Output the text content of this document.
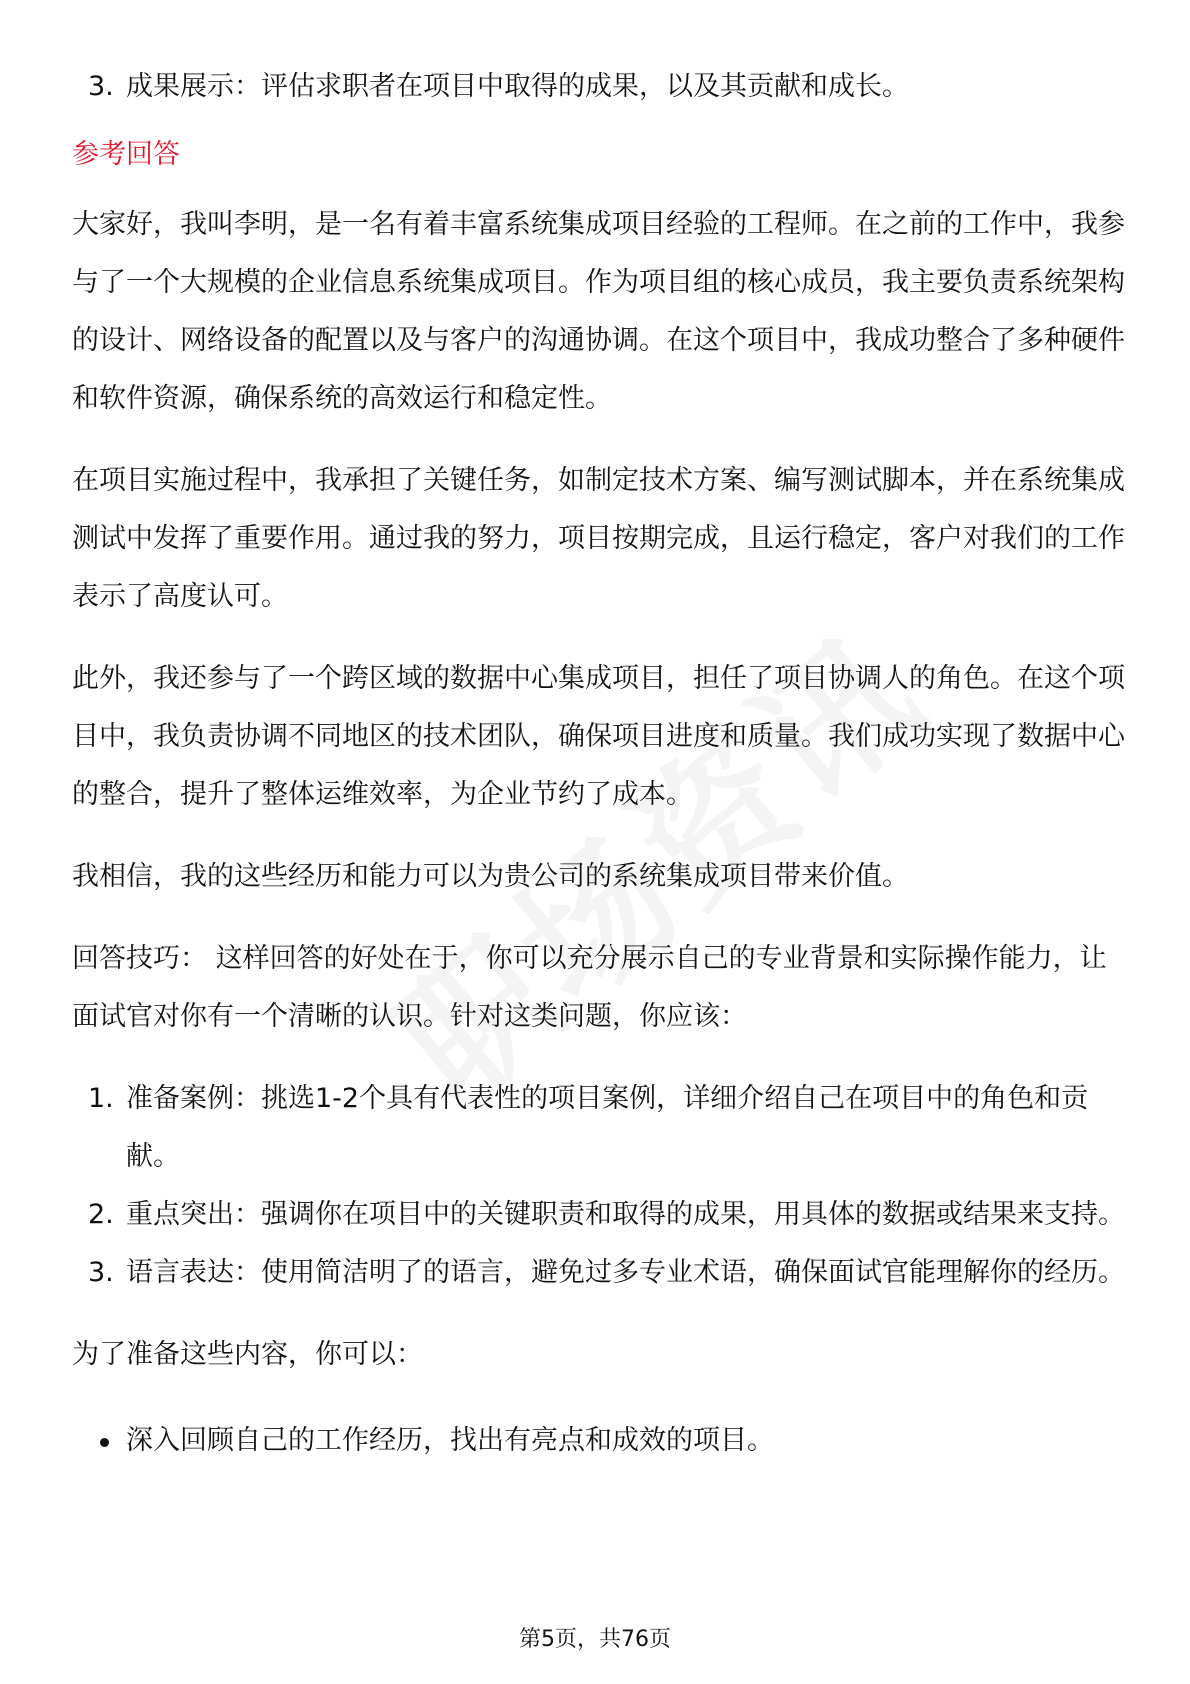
3. 成果展示：评估求职者在项目中取得的成果，以及其贡献和成长。
参考回答
大家好，我叫李明，是一名有着丰富系统集成项目经验的工程师。在之前的工作中，我参与了一个大规模的企业信息系统集成项目。作为项目组的核心成员，我主要负责系统架构的设计、网络设备的配置以及与客户的沟通协调。在这个项目中，我成功整合了多种硬件和软件资源，确保系统的高效运行和稳定性。
在项目实施过程中，我承担了关键任务，如制定技术方案、编写测试脚本，并在系统集成测试中发挥了重要作用。通过我的努力，项目按期完成，且运行稳定，客户对我们的工作表示了高度认可。
此外，我还参与了一个跨区域的数据中心集成项目，担任了项目协调人的角色。在这个项目中，我负责协调不同地区的技术团队，确保项目进度和质量。我们成功实现了数据中心的整合，提升了整体运维效率，为企业节约了成本。
我相信，我的这些经历和能力可以为贵公司的系统集成项目带来价值。
回答技巧： 这样回答的好处在于，你可以充分展示自己的专业背景和实际操作能力，让面试官对你有一个清晰的认识。针对这类问题，你应该：
1. 准备案例：挑选1-2个具有代表性的项目案例，详细介绍自己在项目中的角色和贡献。
2. 重点突出：强调你在项目中的关键职责和取得的成果，用具体的数据或结果来支持。
3. 语言表达：使用简洁明了的语言，避免过多专业术语，确保面试官能理解你的经历。
为了准备这些内容，你可以：
深入回顾自己的工作经历，找出有亮点和成效的项目。
第5页，共76页
